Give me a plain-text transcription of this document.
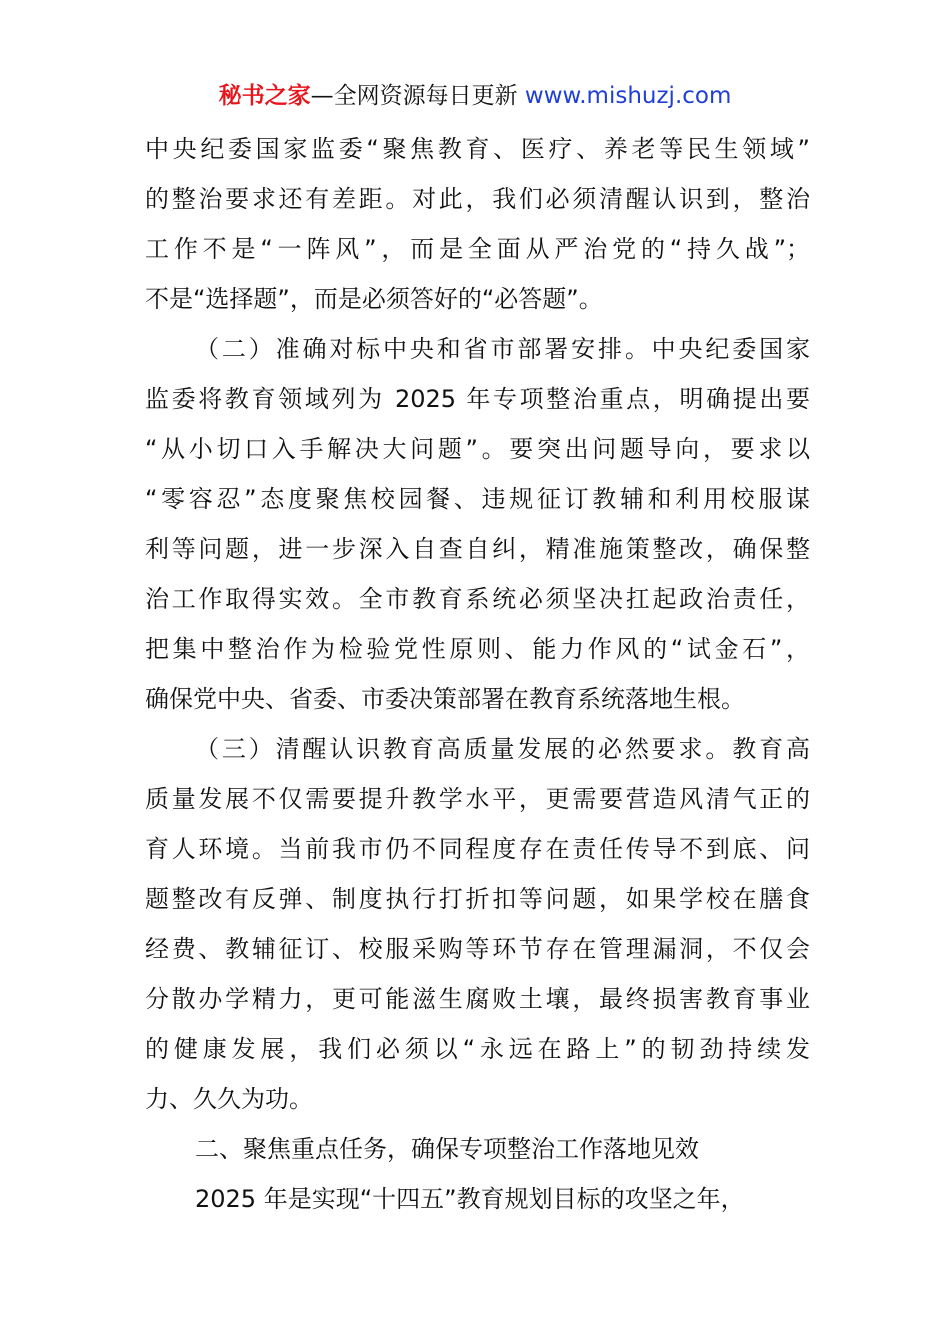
秘书之家—全网资源每日更新 www.mishuzj.com
中央纪委国家监委“聚焦教育、医疗、养老等民生领域”
的整治要求还有差距。对此，我们必须清醒认识到，整治
工作不是“一阵风”，而是全面从严治党的“持久战”；
不是“选择题”，而是必须答好的“必答题”。
（二）准确对标中央和省市部署安排。中央纪委国家
监委将教育领域列为 2025 年专项整治重点，明确提出要
“从小切口入手解决大问题”。要突出问题导向，要求以
“零容忍”态度聚焦校园餐、违规征订教辅和利用校服谋
利等问题，进一步深入自查自纠，精准施策整改，确保整
治工作取得实效。全市教育系统必须坚决扛起政治责任，
把集中整治作为检验党性原则、能力作风的“试金石”，
确保党中央、省委、市委决策部署在教育系统落地生根。
（三）清醒认识教育高质量发展的必然要求。教育高
质量发展不仅需要提升教学水平，更需要营造风清气正的
育人环境。当前我市仍不同程度存在责任传导不到底、问
题整改有反弹、制度执行打折扣等问题，如果学校在膳食
经费、教辅征订、校服采购等环节存在管理漏洞，不仅会
分散办学精力，更可能滋生腐败土壤，最终损害教育事业
的健康发展，我们必须以“永远在路上”的韧劲持续发
力、久久为功。
二、聚焦重点任务，确保专项整治工作落地见效
2025 年是实现“十四五”教育规划目标的攻坚之年，
